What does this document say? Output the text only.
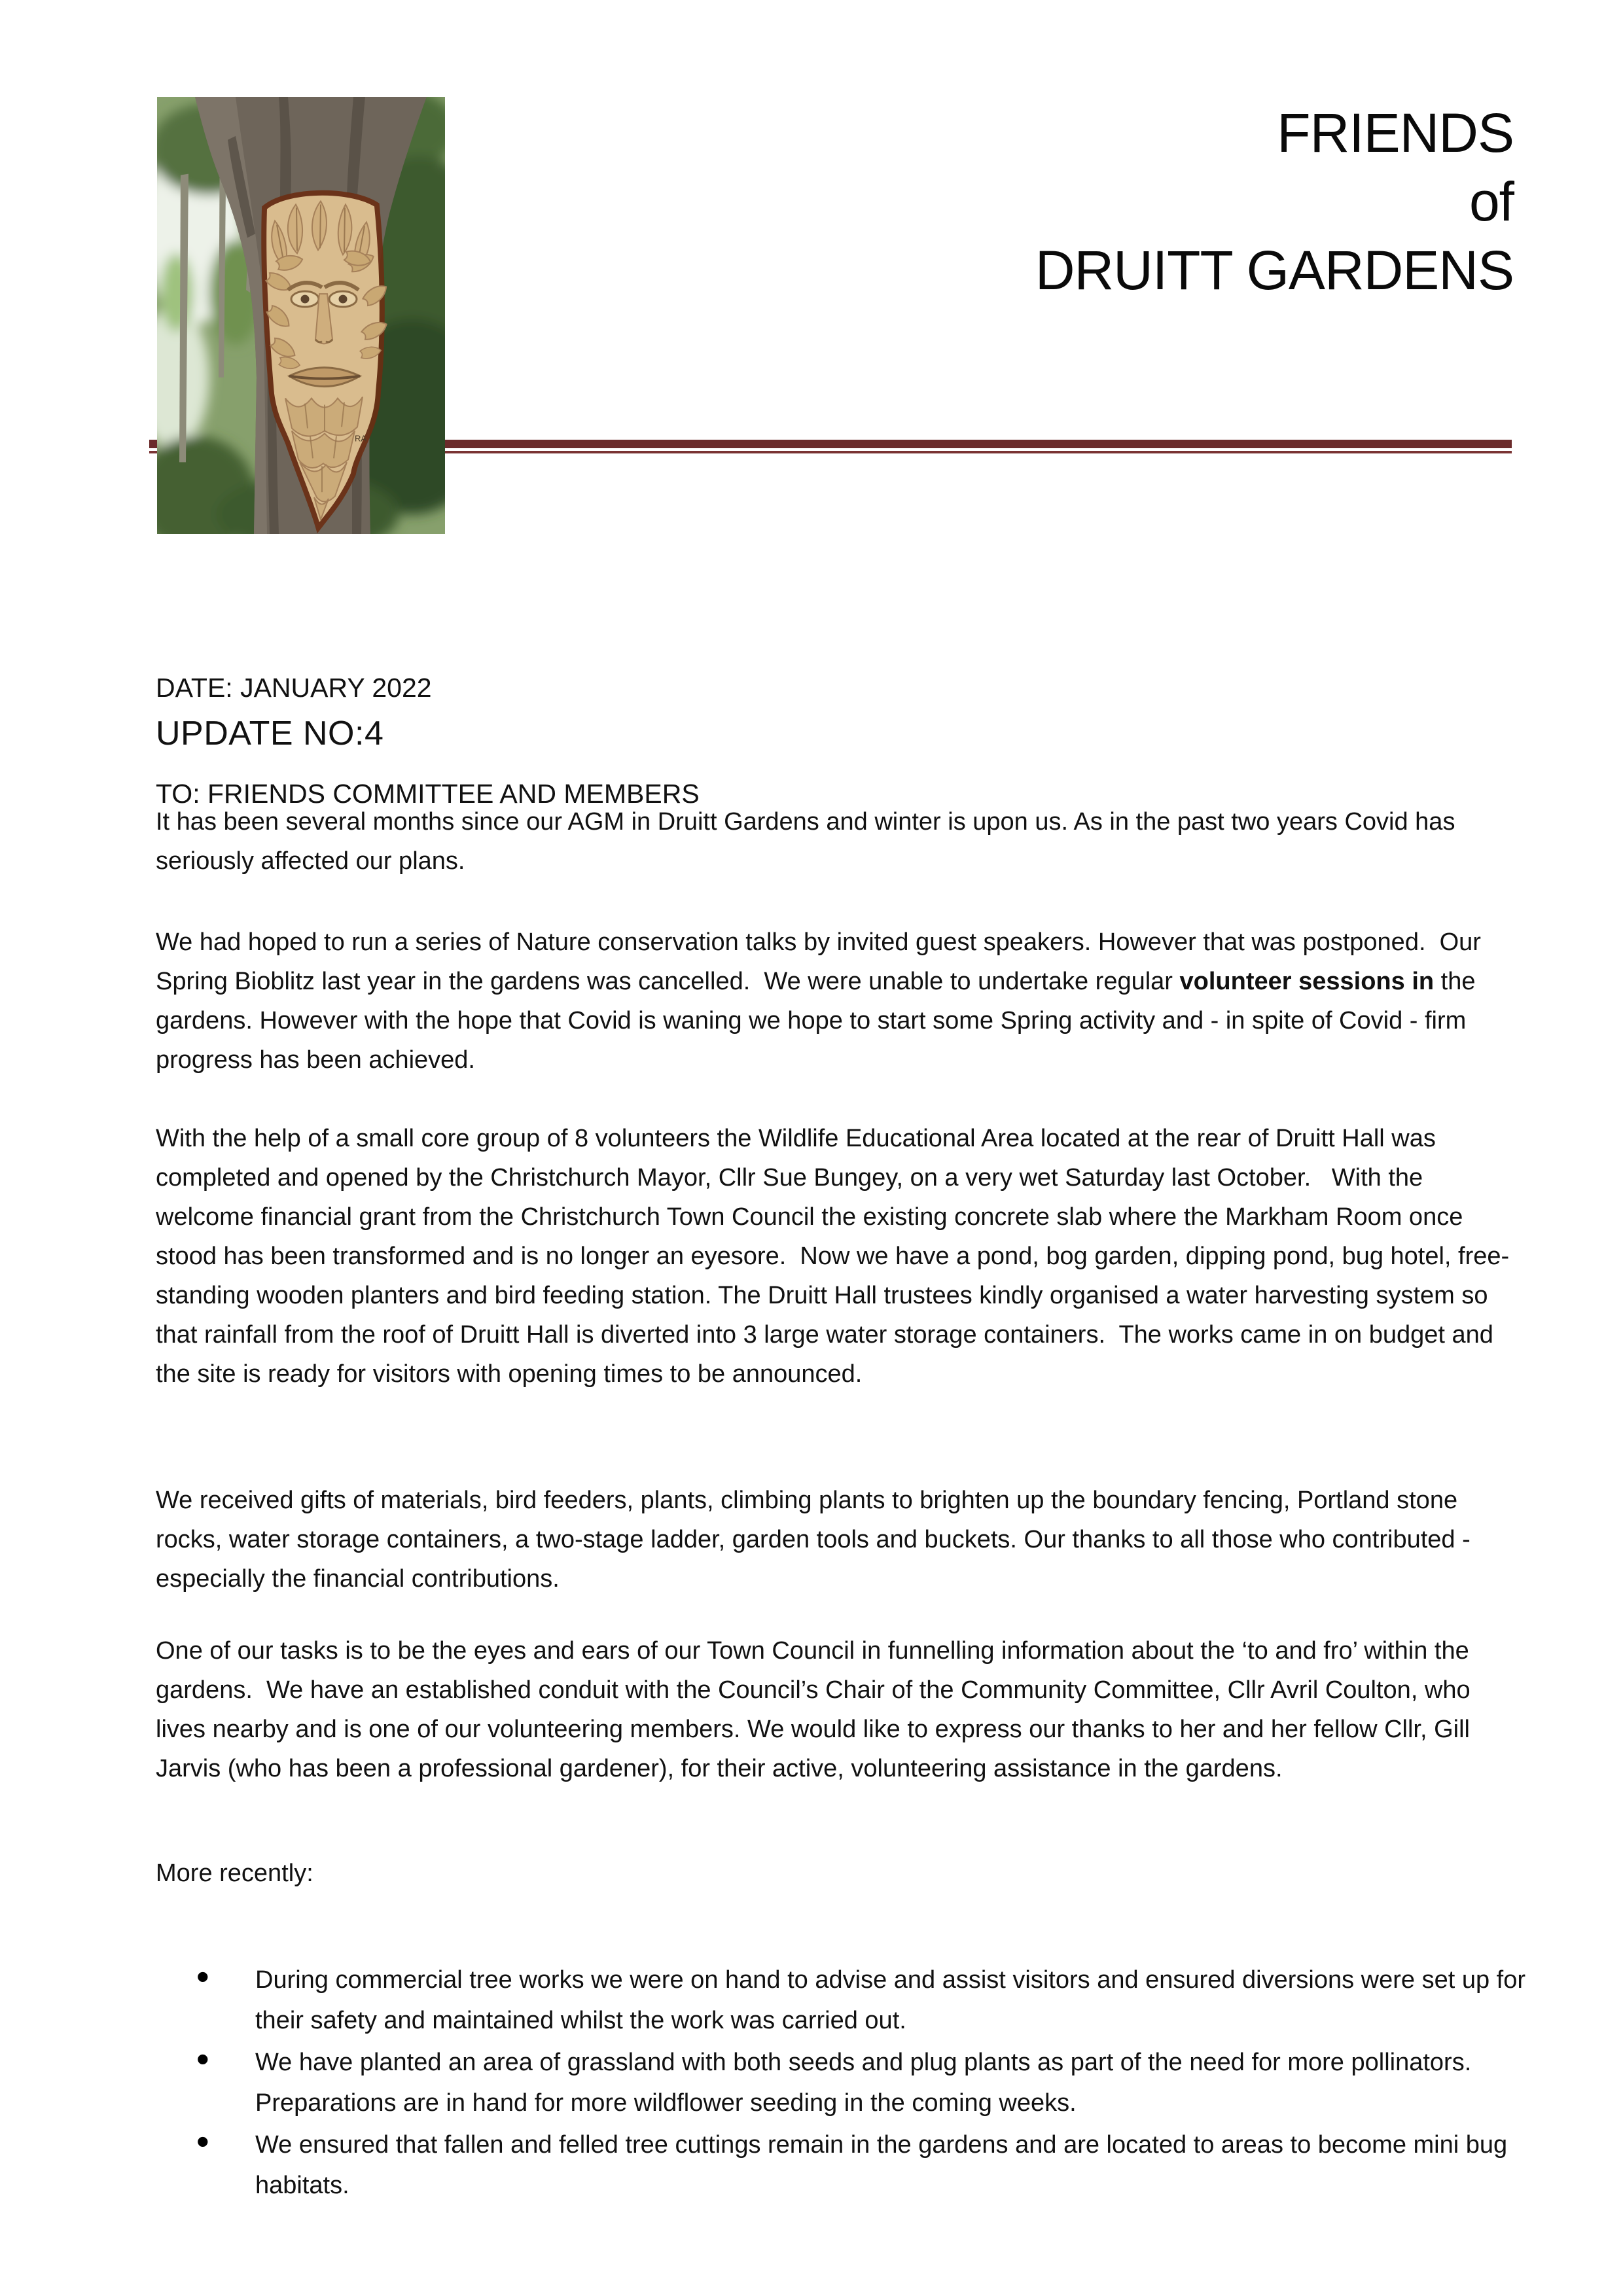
RA
FRIENDS
of
DRUITT GARDENS

DATE: JANUARY 2022

TO: FRIENDS COMMITTEE AND MEMBERS

UPDATE NO:4
It has been several months since our AGM in Druitt Gardens and winter is upon us. As in the past two years Covid has seriously affected our plans.
We had hoped to run a series of Nature conservation talks by invited guest speakers. However that was postponed.  Our Spring Bioblitz last year in the gardens was cancelled.  We were unable to undertake regular volunteer sessions in the gardens. However with the hope that Covid is waning we hope to start some Spring activity and - in spite of Covid - firm progress has been achieved.
With the help of a small core group of 8 volunteers the Wildlife Educational Area located at the rear of Druitt Hall was completed and opened by the Christchurch Mayor, Cllr Sue Bungey, on a very wet Saturday last October.   With the welcome financial grant from the Christchurch Town Council the existing concrete slab where the Markham Room once stood has been transformed and is no longer an eyesore.  Now we have a pond, bog garden, dipping pond, bug hotel, free-standing wooden planters and bird feeding station. The Druitt Hall trustees kindly organised a water harvesting system so that rainfall from the roof of Druitt Hall is diverted into 3 large water storage containers.  The works came in on budget and the site is ready for visitors with opening times to be announced.
We received gifts of materials, bird feeders, plants, climbing plants to brighten up the boundary fencing, Portland stone rocks, water storage containers, a two-stage ladder, garden tools and buckets. Our thanks to all those who contributed - especially the financial contributions.
One of our tasks is to be the eyes and ears of our Town Council in funnelling information about the ‘to and fro’ within the gardens.  We have an established conduit with the Council’s Chair of the Community Committee, Cllr Avril Coulton, who lives nearby and is one of our volunteering members. We would like to express our thanks to her and her fellow Cllr, Gill Jarvis (who has been a professional gardener), for their active, volunteering assistance in the gardens.
More recently:
• During commercial tree works we were on hand to advise and assist visitors and ensured diversions were set up for their safety and maintained whilst the work was carried out.
• We have planted an area of grassland with both seeds and plug plants as part of the need for more pollinators.  Preparations are in hand for more wildflower seeding in the coming weeks.
• We ensured that fallen and felled tree cuttings remain in the gardens and are located to areas to become mini bug habitats.
